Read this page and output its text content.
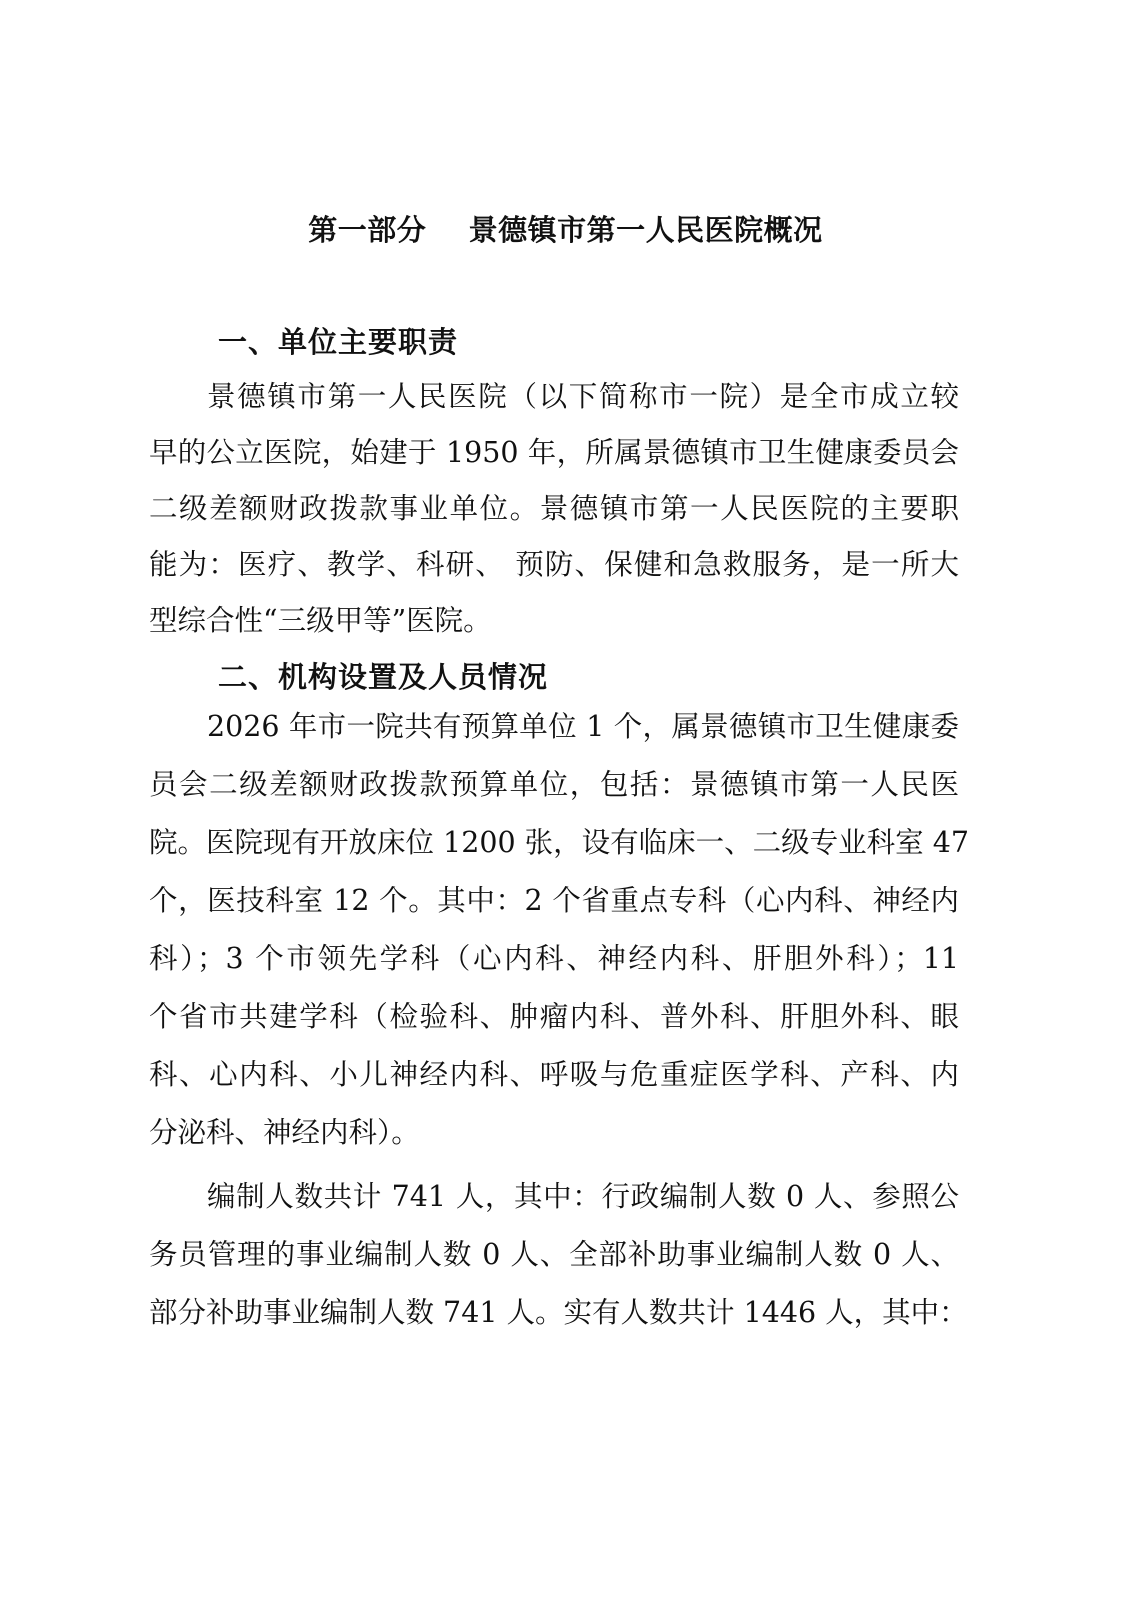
第一部分    景德镇市第一人民医院概况
一、单位主要职责
景德镇市第一人民医院（以下简称市一院）是全市成立较
早的公立医院，始建于 1950 年，所属景德镇市卫生健康委员会
二级差额财政拨款事业单位。景德镇市第一人民医院的主要职
能为：医疗、教学、科研、 预防、保健和急救服务，是一所大
型综合性“三级甲等”医院。
二、机构设置及人员情况
2026 年市一院共有预算单位 1 个，属景德镇市卫生健康委
员会二级差额财政拨款预算单位，包括：景德镇市第一人民医
院。医院现有开放床位 1200 张，设有临床一、二级专业科室 47
个，医技科室 12 个。其中：2 个省重点专科（心内科、神经内
科）；3 个市领先学科（心内科、神经内科、肝胆外科）；11
个省市共建学科（检验科、肿瘤内科、普外科、肝胆外科、眼
科、心内科、小儿神经内科、呼吸与危重症医学科、产科、内
分泌科、神经内科）。
编制人数共计 741 人，其中：行政编制人数 0 人、参照公
务员管理的事业编制人数 0 人、全部补助事业编制人数 0 人、
部分补助事业编制人数 741 人。实有人数共计 1446 人，其中：
